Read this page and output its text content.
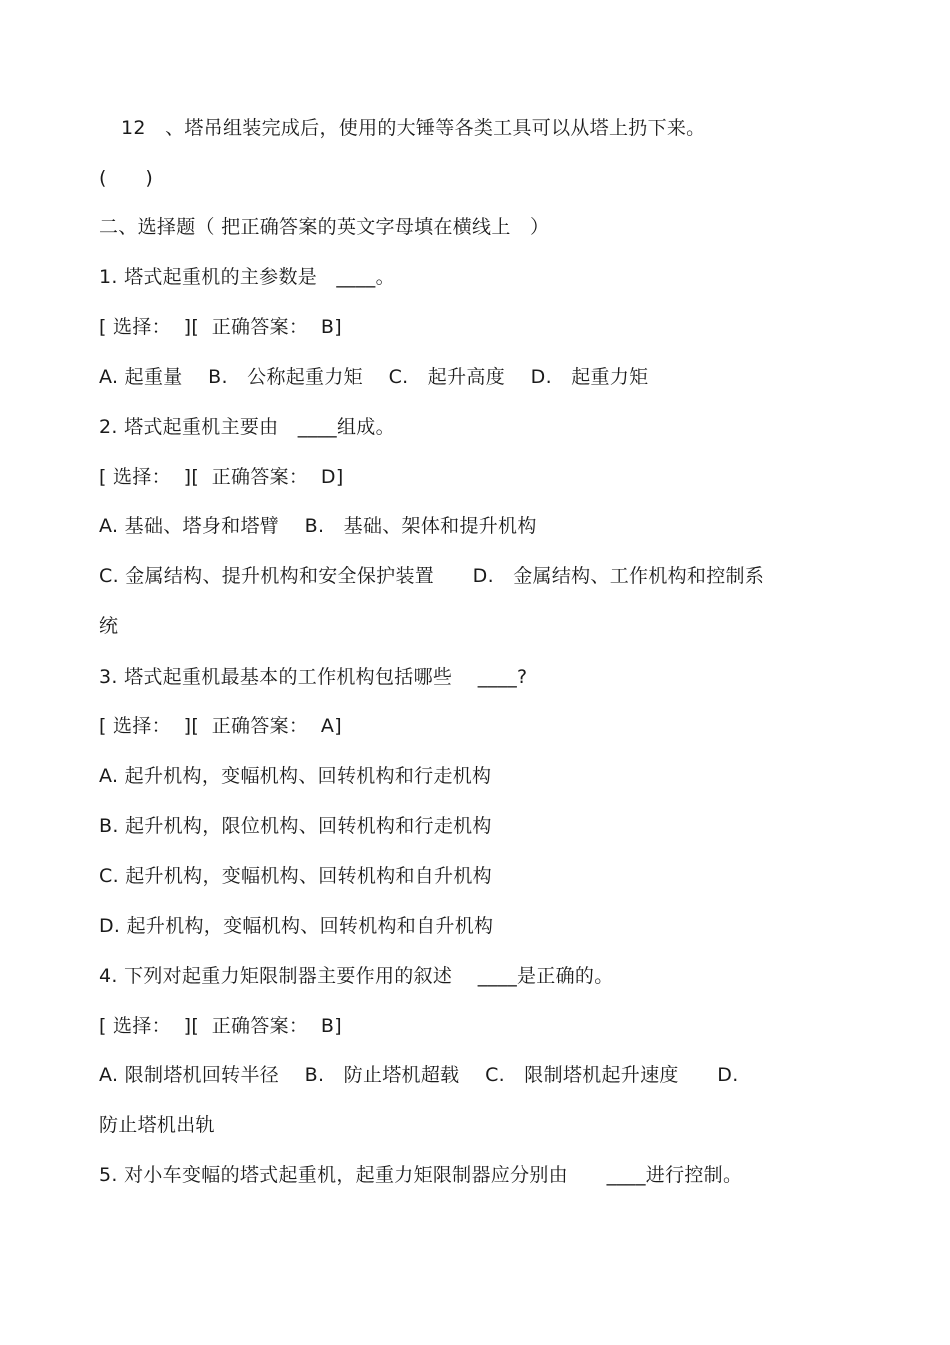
12　、塔吊组装完成后，使用的大锤等各类工具可以从塔上扔下来。
(　　)
二、选择题（ 把正确答案的英文字母填在横线上　）
1. 塔式起重机的主参数是　____。
[ 选择：  ][  正确答案：  B]
A. 起重量　 B.　公称起重力矩　 C.　起升高度　 D.　起重力矩
2. 塔式起重机主要由　____组成。
[ 选择：  ][  正确答案：  D]
A. 基础、塔身和塔臂　 B.　基础、架体和提升机构
C. 金属结构、提升机构和安全保护装置　　D.　金属结构、工作机构和控制系
统
3. 塔式起重机最基本的工作机构包括哪些　 ____?
[ 选择：  ][  正确答案：  A]
A. 起升机构，变幅机构、回转机构和行走机构
B. 起升机构，限位机构、回转机构和行走机构
C. 起升机构，变幅机构、回转机构和自升机构
D. 起升机构，变幅机构、回转机构和自升机构
4. 下列对起重力矩限制器主要作用的叙述　 ____是正确的。
[ 选择：  ][  正确答案：  B]
A. 限制塔机回转半径　 B.　防止塔机超载　 C.　限制塔机起升速度　　D.
防止塔机出轨
5. 对小车变幅的塔式起重机，起重力矩限制器应分别由　　____进行控制。
